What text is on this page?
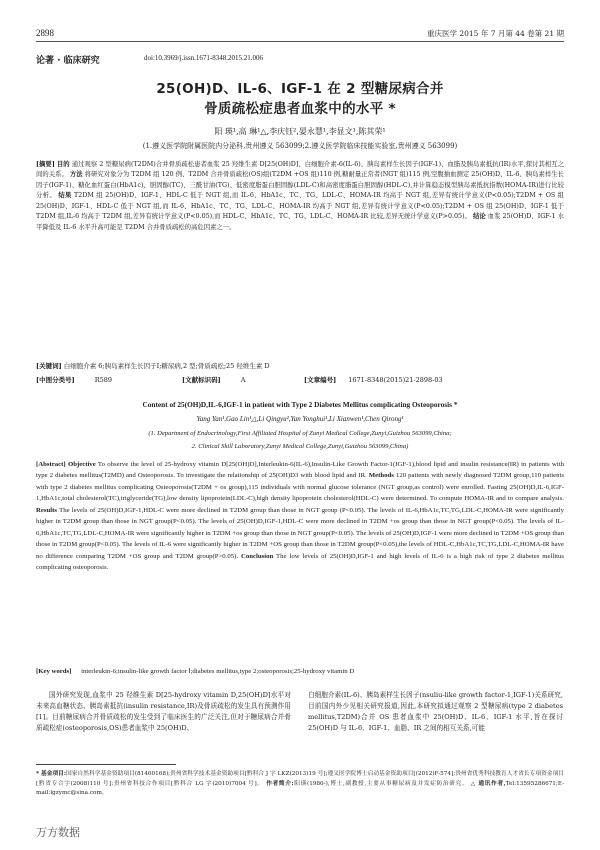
2898	重庆医学 2015 年 7 月第 44 卷第 21 期
论著 · 临床研究	doi:10.3969/j.issn.1671-8348.2015.21.006
25(OH)D、IL-6、IGF-1 在 2 型糖尿病合并
骨质疏松症患者血浆中的水平 *
阳 瑛¹,高 琳¹△,李庆钰²,晏永慧¹,李显文¹,陈其荣¹
(1.遵义医学院附属医院内分泌科,贵州遵义 563099;2.遵义医学院临床技能实验室,贵州遵义 563099)
[摘要] 目的 通过观察 2 型糖尿病(T2DM)合并骨质疏松患者血浆 25 羟维生素 D[25(OH)D]、白细胞介素-6(IL-6)、胰岛素样生长因子(IGF-1)、血脂及胰岛素抵抗(IR)水平,探讨其相互之间的关系。 方法 将研究对象分为 T2DM 组 120 例、T2DM 合并骨质疏松(OS)组(T2DM +OS 组)110 例,糖耐量正常者(NGT 组)115 例,空腹抽血测定 25(OH)D、IL-6、胰岛素样生长因子(IGF-1)、糖化血红蛋白(HbA1c)、胆固醇(TC)、三酰甘油(TG)、低密度脂蛋白胆固醇(LDL-C)和高密度脂蛋白胆固醇(HDL-C),并计算稳态模型胰岛素抵抗指数(HOMA-IR)进行比较分析。 结果 T2DM 组 25(OH)D、IGF-1、HDL-C 低于 NGT 组,而 IL-6、HbA1c、TC、TG、LDL-C、HOMA-IR 均高于 NGT 组,差异有统计学意义(P<0.05);T2DM + OS 组 25(OH)D、IGF-1、HDL-C 低于 NGT 组,而 IL-6、HbA1c、TC、TG、LDL-C、HOMA-IR 均高于 NGT 组,差异有统计学意义(P<0.05);T2DM + OS 组 25(OH)D、IGF-1 低于 T2DM 组,IL-6 均高于 T2DM 组,差异有统计学意义(P<0.05),而 HDL-C、HbA1c、TC、TG、LDL-C、HOMA-IR 比较,差异无统计学意义(P>0.05)。 结论 血浆 25(OH)D、IGF-1 水平降低及 IL-6 水平升高可能是 T2DM 合并骨质疏松的高危因素之一。
[关键词] 白细胞介素 6;胰岛素样生长因子Ⅰ;糖尿病,2 型;骨质疏松;25 羟维生素 D
[中图分类号]	R589	[文献标识码]	A	[文章编号] 1671-8348(2015)21-2898-03
Content of 25(OH)D,IL-6,IGF-1 in patient with Type 2 Diabetes Mellitus complicating Osteoporosis *
Yang Yan¹,Gao Lin¹△,Li Qingyu²,Yan Yonghui¹,Li Xianwen¹,Chen Qirong¹
(1. Department of Endocrinology,First Affiliated Hospital of Zunyi Medical College,Zunyi,Guizhou 563099,China;
2. Clinical Skill Laboratory,Zunyi Medical College,Zunyi,Guizhou 563099,China)
[Abstract] Objective To observe the level of 25-hydroxy vitamin D[25(OH)D],Interleukin-6(IL-6),Insulin-Like Growth Factor-1(IGF-1),blood lipid and insulin resistance(IR) in patients with type 2 diabetes mellitus(T2MD) and Osteoporosis. To investigate the relationship of 25(OH)D3 with blood lipid and IR. Methods 120 patients with newly diagnosed T2DM group,110 patients with type 2 diabetes mellitus complicating Osteoporosis(T2DM + os group),115 individuals with normal glucose tolerance (NGT group,as control) were enrolled. Fasting 25(OH)D,IL-6,IGF-1,HbA1c,total cholesterol(TC),triglyceride(TG),low density lipoprotein(LDL-C),high density lipoprotein cholesterol(HDL-C) were determined. To compute HOMA-IR and to compare analysis. Results The levels of 25(OH)D,IGF-1,HDL-C were more declined in T2DM group than those in NGT group (P<0.05). The levels of IL-6,HbA1c,TC,TG,LDL-C,HOMA-IR were significantly higher in T2DM group than those in NGT group(P<0.05). The levels of 25(OH)D,IGF-1,HDL-C were more declined in T2DM +os group than those in NGT group(P<0.05). The levels of IL-6,HbA1c,TC,TG,LDL-C,HOMA-IR were significantly higher in T2DM +os group than those in NGT group(P<0.05). The levels of 25(OH)D,IGF-1 were more declined in T2DM +OS group than those in T2DM group(P<0.05). The levels of IL-6 were significantly higher in T2DM +OS group than those in T2DM group(P<0.05),the levels of HDL-C,HbA1c,TC,TG,LDL-C,HOMA-IR have no difference comparing T2DM +OS group and T2DM group(P>0.05). Conclusion The low levels of 25(OH)D,IGF-1 and high levels of IL-6 is a high risk of type 2 diabetes mellitus complicating osteoporosis.
[Key words] interleukin-6;insulin-like growth factor Ⅰ;diabetes mellitus,type 2;osteoporosis;25-hydroxy vitamin D
国外研究发现,血浆中 25 羟维生素 D[25-hydroxy vitamin D,25(OH)D]水平对未来高血糖状态、胰岛素抵抗(insulin resistance,IR)及骨质疏松的发生具有预测作用[1]。目前糖尿病合并骨质疏松的发生受到了临床医生的广泛关注,但对于糖尿病合并骨质疏松症(osteoporosis,OS)患者血浆中 25(OH)D、
白细胞介素(IL-6)、胰岛素样生长因子(nsuliu-like growth factor-1,IGF-1)关系研究,目前国内外少见相关研究报道,因此,本研究拟通过观察 2 型糖尿病(type 2 diabetes mellitus,T2DM)合并 OS 患者血浆中 25(OH)D、IL-6、IGF-1 水平,旨在探讨 25(OH)D 与 IL-6、IGF-1、血脂、IR 之间的相互关系,可能
* 基金项目:国家自然科学基金资助项目(81460168);贵州省科学技术基金资助项目[黔科合 J 字 LKZ(2013)19 号];遵义医学院博士启动基金资助项目[(2012)F-574];贵州省优秀科技教育人才省长专项资金项目[黔省专合字(2008)110 号];贵州省科技合作项目[黔科合 LG 字(2010)7004 号]。 作者简介:阳瑛(1980-),博士,副教授,主要从事糖尿病及并发症防治研究。 △ 通讯作者,Tel:13595286671;E-mail:lgzymc@sina.com。
万方数据
